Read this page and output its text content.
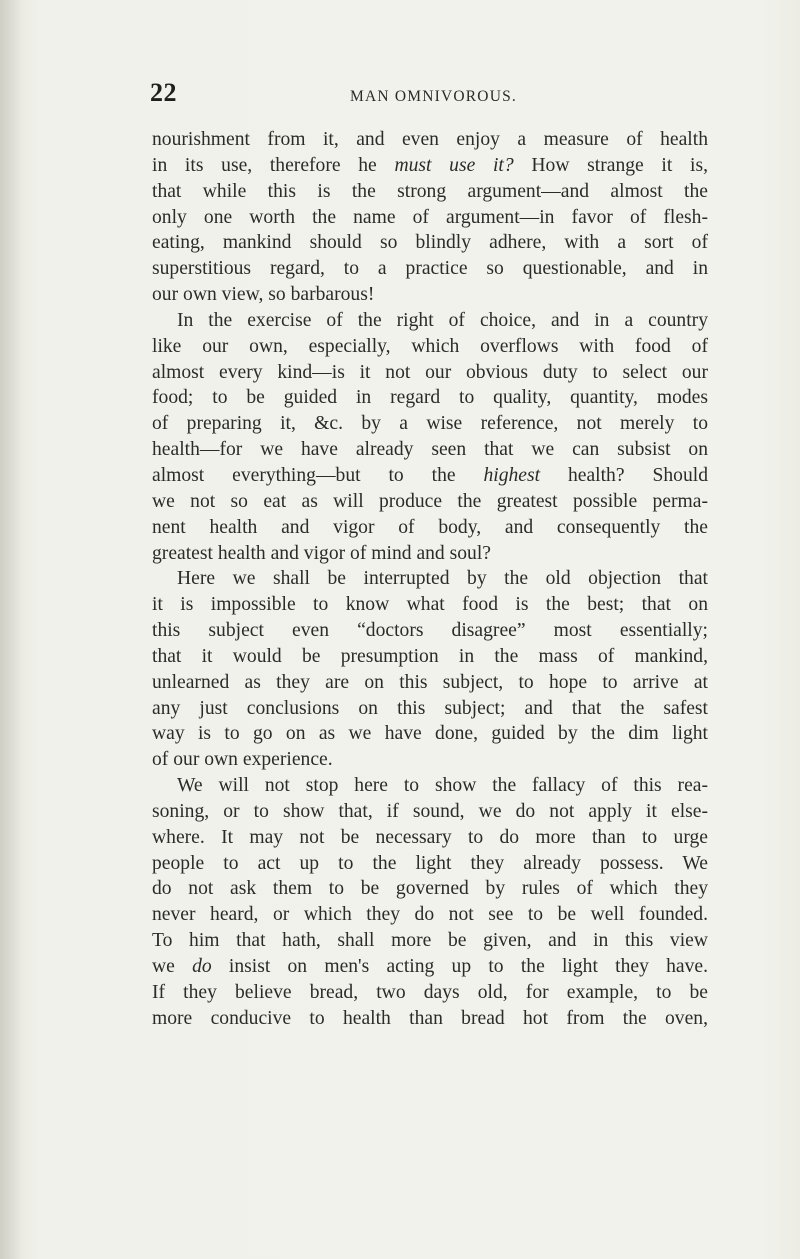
22	MAN OMNIVOROUS.
nourishment from it, and even enjoy a measure of health
in its use, therefore he must use it? How strange it is,
that while this is the strong argument—and almost the
only one worth the name of argument—in favor of flesh-
eating, mankind should so blindly adhere, with a sort of
superstitious regard, to a practice so questionable, and in
our own view, so barbarous!
In the exercise of the right of choice, and in a country
like our own, especially, which overflows with food of
almost every kind—is it not our obvious duty to select our
food; to be guided in regard to quality, quantity, modes
of preparing it, &c. by a wise reference, not merely to
health—for we have already seen that we can subsist on
almost everything—but to the highest health? Should
we not so eat as will produce the greatest possible perma-
nent health and vigor of body, and consequently the
greatest health and vigor of mind and soul?
Here we shall be interrupted by the old objection that
it is impossible to know what food is the best; that on
this subject even “doctors disagree” most essentially;
that it would be presumption in the mass of mankind,
unlearned as they are on this subject, to hope to arrive at
any just conclusions on this subject; and that the safest
way is to go on as we have done, guided by the dim light
of our own experience.
We will not stop here to show the fallacy of this rea-
soning, or to show that, if sound, we do not apply it else-
where. It may not be necessary to do more than to urge
people to act up to the light they already possess. We
do not ask them to be governed by rules of which they
never heard, or which they do not see to be well founded.
To him that hath, shall more be given, and in this view
we do insist on men's acting up to the light they have.
If they believe bread, two days old, for example, to be
more conducive to health than bread hot from the oven,
